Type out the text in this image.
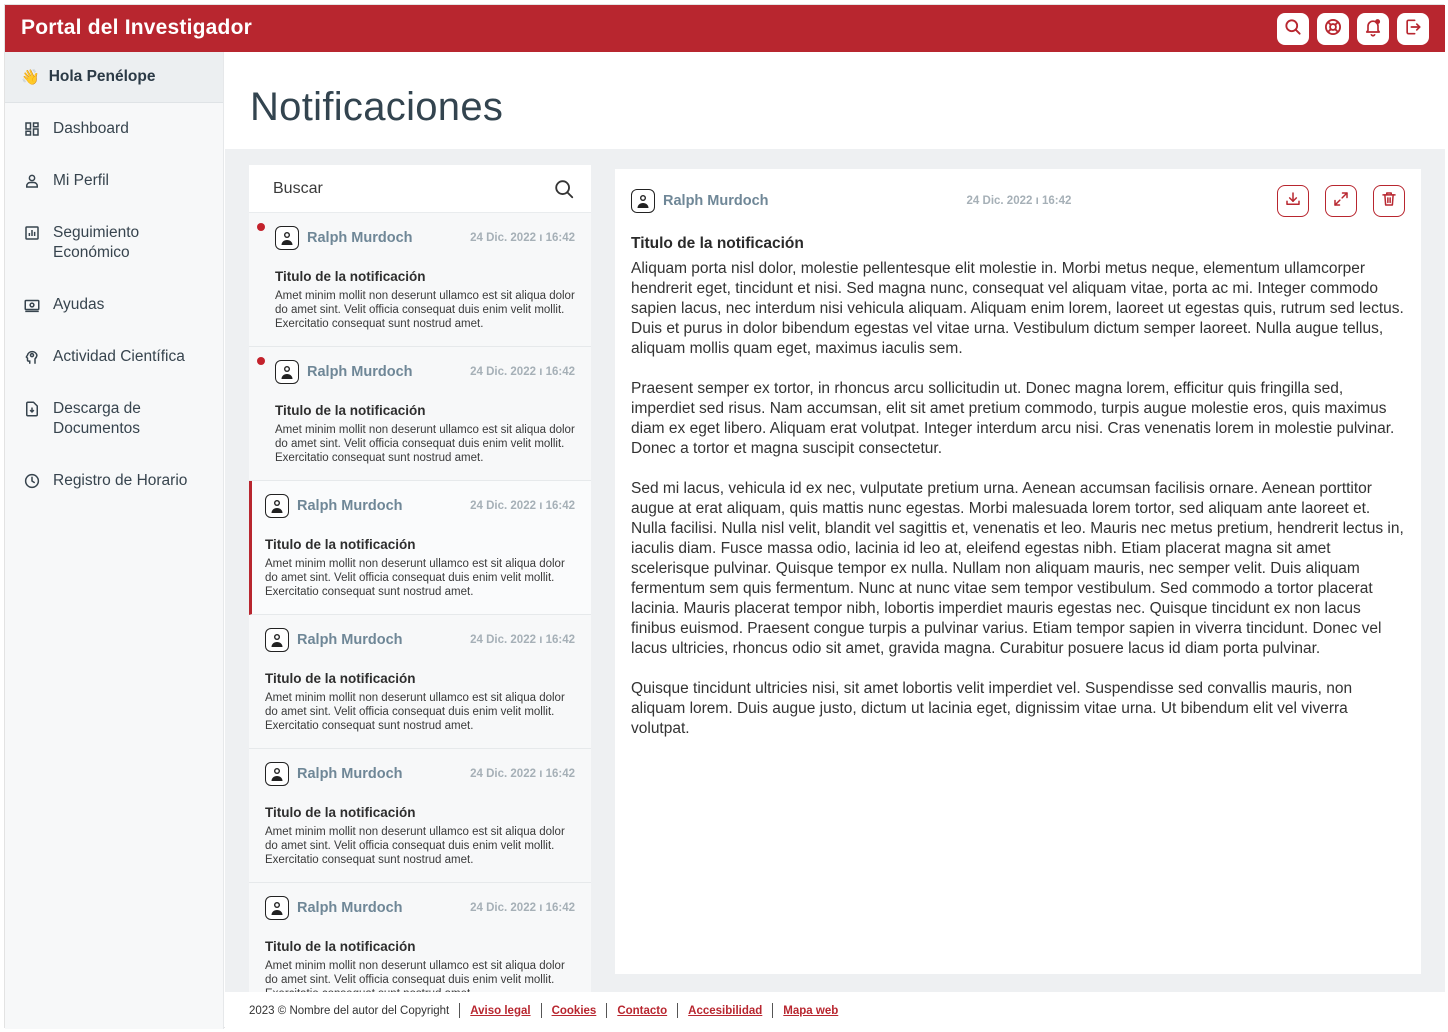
Portal del Investigador
👋 Hola Penélope
Dashboard
Mi Perfil
Seguimiento Económico
Ayudas
Actividad Científica
Descarga de Documentos
Registro de Horario
Notificaciones
Buscar
Ralph Murdoch	24 Dic. 2022 ı 16:42
Titulo de la notificación
Amet minim mollit non deserunt ullamco est sit aliqua dolor do amet sint. Velit officia consequat duis enim velit mollit. Exercitatio consequat sunt nostrud amet.
Ralph Murdoch	24 Dic. 2022 ı 16:42
Titulo de la notificación
Amet minim mollit non deserunt ullamco est sit aliqua dolor do amet sint. Velit officia consequat duis enim velit mollit. Exercitatio consequat sunt nostrud amet.
Ralph Murdoch	24 Dic. 2022 ı 16:42
Titulo de la notificación
Amet minim mollit non deserunt ullamco est sit aliqua dolor do amet sint. Velit officia consequat duis enim velit mollit. Exercitatio consequat sunt nostrud amet.
Ralph Murdoch	24 Dic. 2022 ı 16:42
Titulo de la notificación
Amet minim mollit non deserunt ullamco est sit aliqua dolor do amet sint. Velit officia consequat duis enim velit mollit. Exercitatio consequat sunt nostrud amet.
Ralph Murdoch	24 Dic. 2022 ı 16:42
Titulo de la notificación
Amet minim mollit non deserunt ullamco est sit aliqua dolor do amet sint. Velit officia consequat duis enim velit mollit. Exercitatio consequat sunt nostrud amet.
Ralph Murdoch	24 Dic. 2022 ı 16:42
Titulo de la notificación
Amet minim mollit non deserunt ullamco est sit aliqua dolor do amet sint. Velit officia consequat duis enim velit mollit.
Ralph Murdoch	24 Dic. 2022 ı 16:42
Titulo de la notificación

Aliquam porta nisl dolor, molestie pellentesque elit molestie in. Morbi metus neque, elementum ullamcorper hendrerit eget, tincidunt et nisi. Sed magna nunc, consequat vel aliquam vitae, porta ac mi. Integer commodo sapien lacus, nec interdum nisi vehicula aliquam. Aliquam enim lorem, laoreet ut egestas quis, rutrum sed lectus. Duis et purus in dolor bibendum egestas vel vitae urna. Vestibulum dictum semper laoreet. Nulla augue tellus, aliquam mollis quam eget, maximus iaculis sem.

Praesent semper ex tortor, in rhoncus arcu sollicitudin ut. Donec magna lorem, efficitur quis fringilla sed, imperdiet sed risus. Nam accumsan, elit sit amet pretium commodo, turpis augue molestie eros, quis maximus diam ex eget libero. Aliquam erat volutpat. Integer interdum arcu nisi. Cras venenatis lorem in molestie pulvinar. Donec a tortor et magna suscipit consectetur.

Sed mi lacus, vehicula id ex nec, vulputate pretium urna. Aenean accumsan facilisis ornare. Aenean porttitor augue at erat aliquam, quis mattis nunc egestas. Morbi malesuada lorem tortor, sed aliquam ante laoreet et. Nulla facilisi. Nulla nisl velit, blandit vel sagittis et, venenatis et leo. Mauris nec metus pretium, hendrerit lectus in, iaculis diam. Fusce massa odio, lacinia id leo at, eleifend egestas nibh. Etiam placerat magna sit amet scelerisque pulvinar. Quisque tempor ex nulla. Nullam non aliquam mauris, nec semper velit. Duis aliquam fermentum sem quis fermentum. Nunc at nunc vitae sem tempor vestibulum. Sed commodo a tortor placerat lacinia. Mauris placerat tempor nibh, lobortis imperdiet mauris egestas nec. Quisque tincidunt ex non lacus finibus euismod. Praesent congue turpis a pulvinar varius. Etiam tempor sapien in viverra tincidunt. Donec vel lacus ultricies, rhoncus odio sit amet, gravida magna. Curabitur posuere lacus id diam porta pulvinar.

Quisque tincidunt ultricies nisi, sit amet lobortis velit imperdiet vel. Suspendisse sed convallis mauris, non aliquam lorem. Duis augue justo, dictum ut lacinia eget, dignissim vitae urna. Ut bibendum elit vel viverra volutpat.

2023 © Nombre del autor del Copyright Aviso legal Cookies Contacto Accesibilidad Mapa web
